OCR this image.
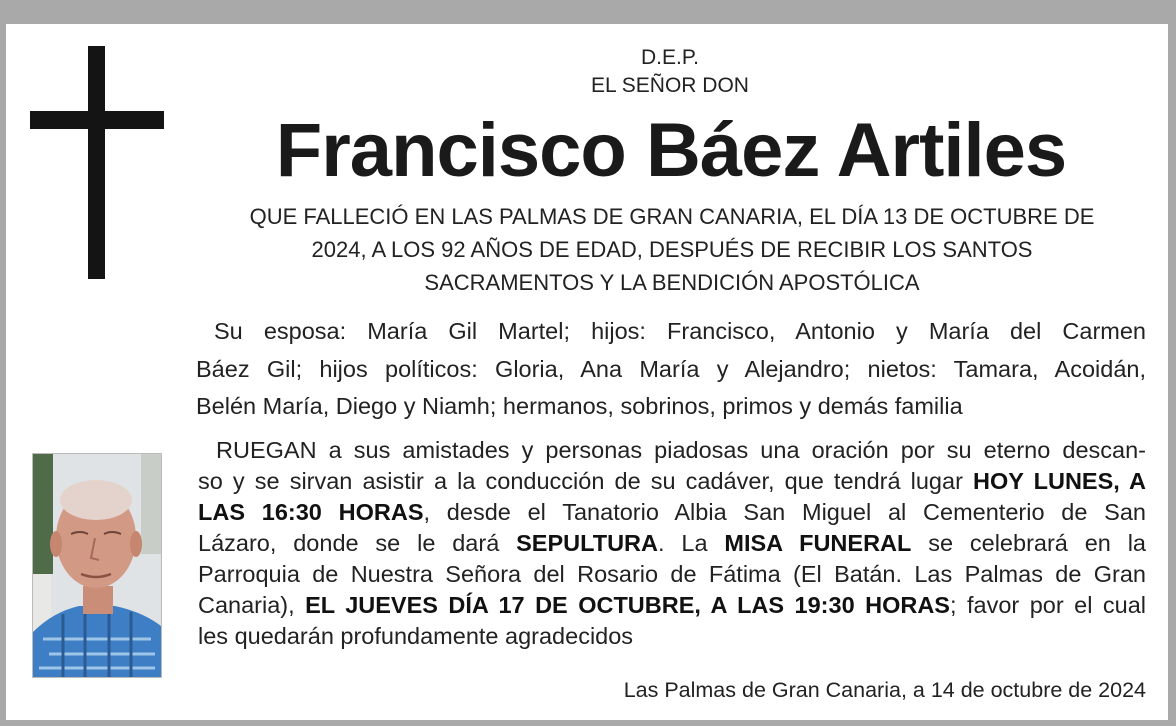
D.E.P.
EL SEÑOR DON
Francisco Báez Artiles
QUE FALLECIÓ EN LAS PALMAS DE GRAN CANARIA, EL DÍA 13 DE OCTUBRE DE
2024, A LOS 92 AÑOS DE EDAD, DESPUÉS DE RECIBIR LOS SANTOS
SACRAMENTOS Y LA BENDICIÓN APOSTÓLICA
Su esposa: María Gil Martel; hijos: Francisco, Antonio y María del Carmen
Báez Gil; hijos políticos: Gloria, Ana María y Alejandro; nietos: Tamara, Acoidán,
Belén María, Diego y Niamh; hermanos, sobrinos, primos y demás familia
RUEGAN a sus amistades y personas piadosas una oración por su eterno descan-
so y se sirvan asistir a la conducción de su cadáver, que tendrá lugar HOY LUNES, A
LAS 16:30 HORAS, desde el Tanatorio Albia San Miguel al Cementerio de San
Lázaro, donde se le dará SEPULTURA. La MISA FUNERAL se celebrará en la
Parroquia de Nuestra Señora del Rosario de Fátima (El Batán. Las Palmas de Gran
Canaria), EL JUEVES DÍA 17 DE OCTUBRE, A LAS 19:30 HORAS; favor por el cual
les quedarán profundamente agradecidos
Las Palmas de Gran Canaria, a 14 de octubre de 2024
